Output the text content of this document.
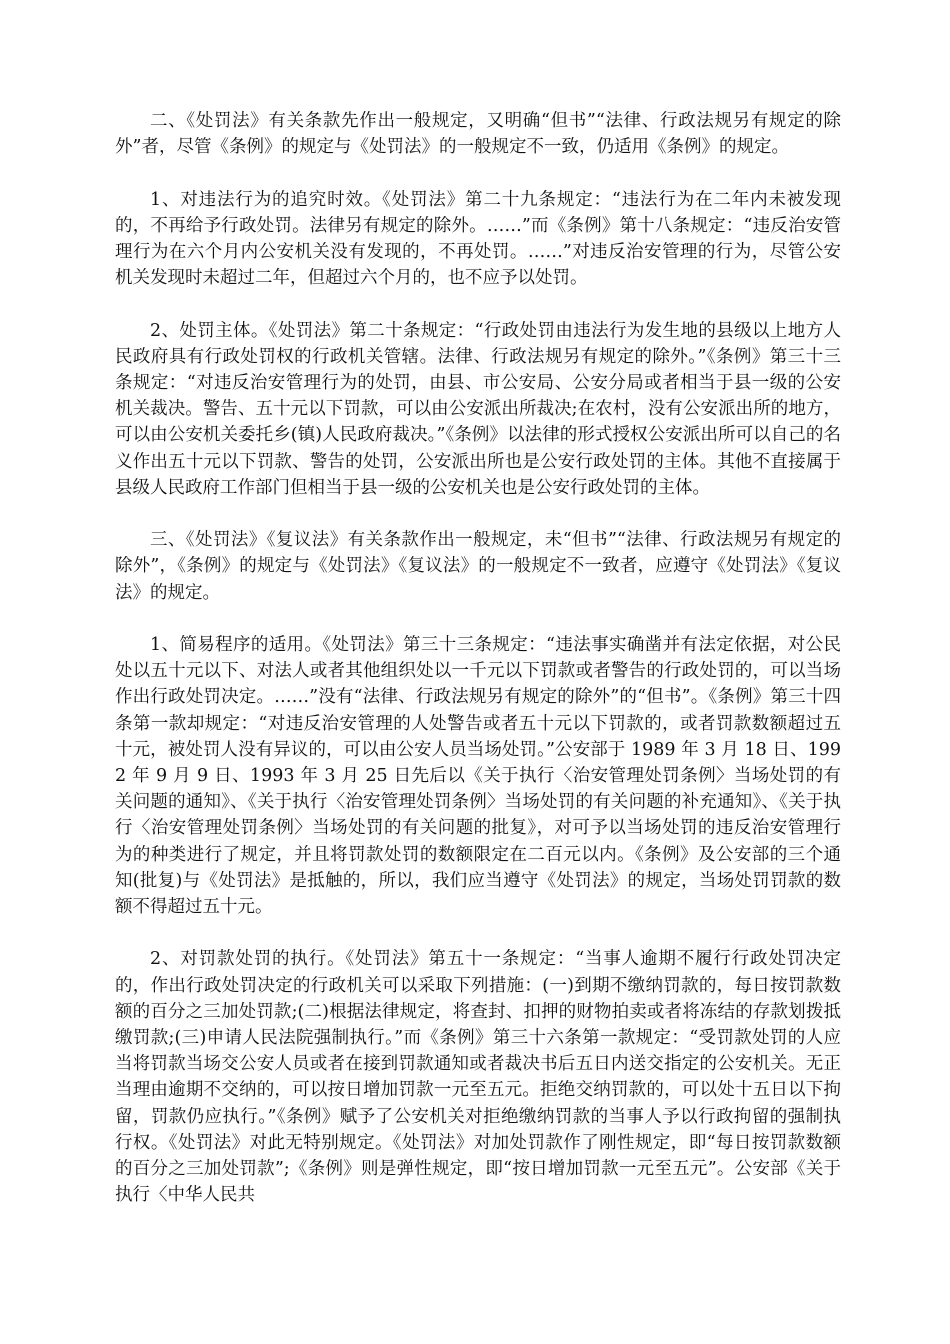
二、《处罚法》有关条款先作出一般规定，又明确“但书”“法律、行政法规另有规定的除外”者，尽管《条例》的规定与《处罚法》的一般规定不一致，仍适用《条例》的规定。

1、对违法行为的追究时效。《处罚法》第二十九条规定：“违法行为在二年内未被发现的，不再给予行政处罚。法律另有规定的除外。……”而《条例》第十八条规定：“违反治安管理行为在六个月内公安机关没有发现的，不再处罚。……”对违反治安管理的行为，尽管公安机关发现时未超过二年，但超过六个月的，也不应予以处罚。

2、处罚主体。《处罚法》第二十条规定：“行政处罚由违法行为发生地的县级以上地方人民政府具有行政处罚权的行政机关管辖。法律、行政法规另有规定的除外。”《条例》第三十三条规定：“对违反治安管理行为的处罚，由县、市公安局、公安分局或者相当于县一级的公安机关裁决。警告、五十元以下罚款，可以由公安派出所裁决;在农村，没有公安派出所的地方，可以由公安机关委托乡(镇)人民政府裁决。”《条例》以法律的形式授权公安派出所可以自己的名义作出五十元以下罚款、警告的处罚，公安派出所也是公安行政处罚的主体。其他不直接属于县级人民政府工作部门但相当于县一级的公安机关也是公安行政处罚的主体。

三、《处罚法》《复议法》有关条款作出一般规定，未“但书”“法律、行政法规另有规定的除外”，《条例》的规定与《处罚法》《复议法》的一般规定不一致者，应遵守《处罚法》《复议法》的规定。

1、简易程序的适用。《处罚法》第三十三条规定：“违法事实确凿并有法定依据，对公民处以五十元以下、对法人或者其他组织处以一千元以下罚款或者警告的行政处罚的，可以当场作出行政处罚决定。……”没有“法律、行政法规另有规定的除外”的“但书”。《条例》第三十四条第一款却规定：“对违反治安管理的人处警告或者五十元以下罚款的，或者罚款数额超过五十元，被处罚人没有异议的，可以由公安人员当场处罚。”公安部于 1989 年 3 月 18 日、1992 年 9 月 9 日、1993 年 3 月 25 日先后以《关于执行〈治安管理处罚条例〉当场处罚的有关问题的通知》、《关于执行〈治安管理处罚条例〉当场处罚的有关问题的补充通知》、《关于执行〈治安管理处罚条例〉当场处罚的有关问题的批复》，对可予以当场处罚的违反治安管理行为的种类进行了规定，并且将罚款处罚的数额限定在二百元以内。《条例》及公安部的三个通知(批复)与《处罚法》是抵触的，所以，我们应当遵守《处罚法》的规定，当场处罚罚款的数额不得超过五十元。

2、对罚款处罚的执行。《处罚法》第五十一条规定：“当事人逾期不履行行政处罚决定的，作出行政处罚决定的行政机关可以采取下列措施：(一)到期不缴纳罚款的，每日按罚款数额的百分之三加处罚款;(二)根据法律规定，将查封、扣押的财物拍卖或者将冻结的存款划拨抵缴罚款;(三)申请人民法院强制执行。”而《条例》第三十六条第一款规定：“受罚款处罚的人应当将罚款当场交公安人员或者在接到罚款通知或者裁决书后五日内送交指定的公安机关。无正当理由逾期不交纳的，可以按日增加罚款一元至五元。拒绝交纳罚款的，可以处十五日以下拘留，罚款仍应执行。”《条例》赋予了公安机关对拒绝缴纳罚款的当事人予以行政拘留的强制执行权。《处罚法》对此无特别规定。《处罚法》对加处罚款作了刚性规定，即“每日按罚款数额的百分之三加处罚款”;《条例》则是弹性规定，即“按日增加罚款一元至五元”。公安部《关于执行〈中华人民共
